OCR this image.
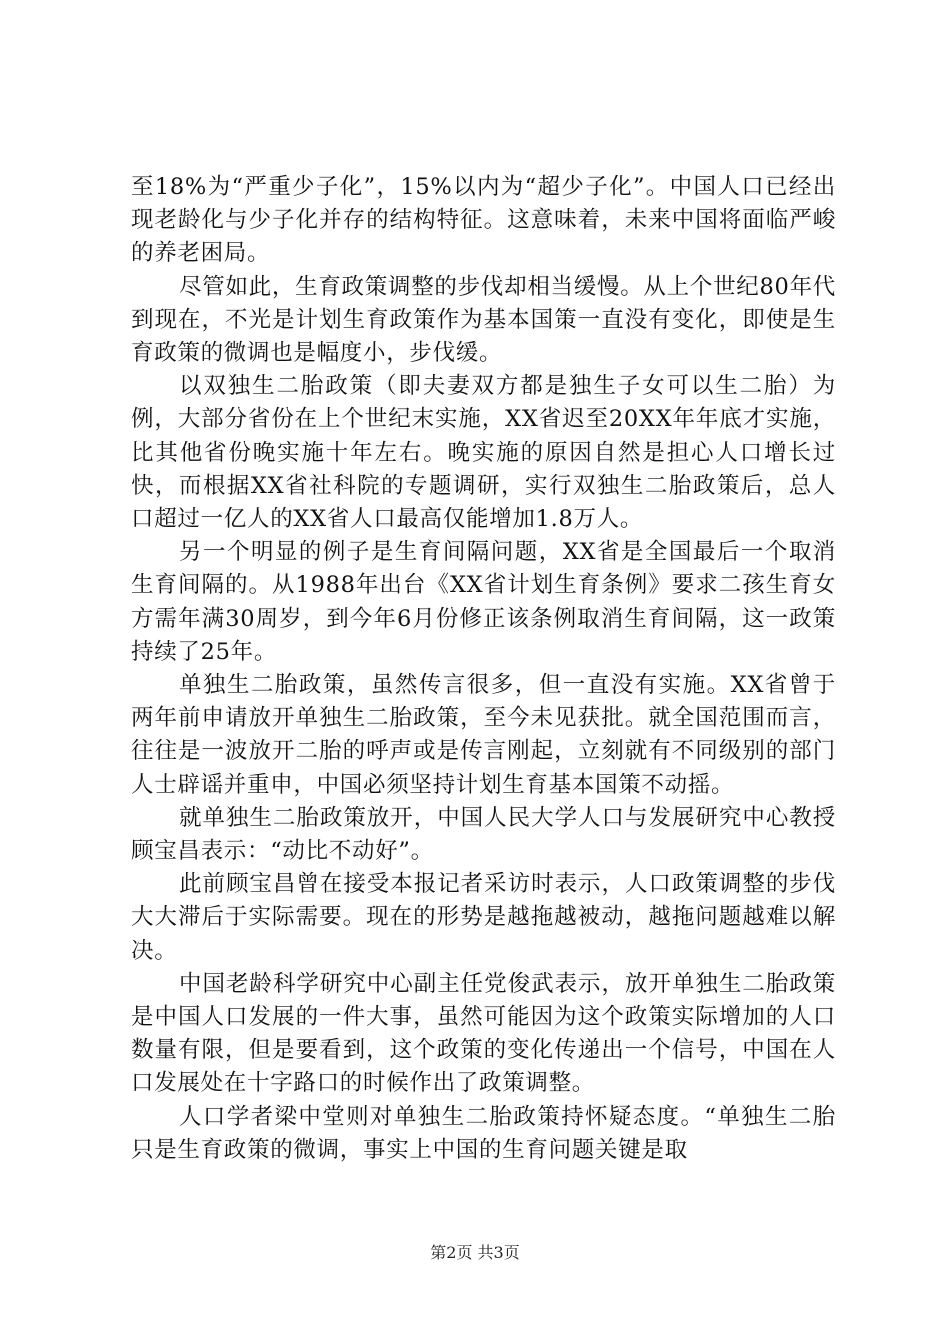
至18%为“严重少子化”，15%以内为“超少子化”。中国人口已经出现老龄化与少子化并存的结构特征。这意味着，未来中国将面临严峻的养老困局。

尽管如此，生育政策调整的步伐却相当缓慢。从上个世纪80年代到现在，不光是计划生育政策作为基本国策一直没有变化，即使是生育政策的微调也是幅度小，步伐缓。

以双独生二胎政策（即夫妻双方都是独生子女可以生二胎）为例，大部分省份在上个世纪末实施，XX省迟至20XX年年底才实施，比其他省份晚实施十年左右。晚实施的原因自然是担心人口增长过快，而根据XX省社科院的专题调研，实行双独生二胎政策后，总人口超过一亿人的XX省人口最高仅能增加1.8万人。

另一个明显的例子是生育间隔问题，XX省是全国最后一个取消生育间隔的。从1988年出台《XX省计划生育条例》要求二孩生育女方需年满30周岁，到今年6月份修正该条例取消生育间隔，这一政策持续了25年。

单独生二胎政策，虽然传言很多，但一直没有实施。XX省曾于两年前申请放开单独生二胎政策，至今未见获批。就全国范围而言，往往是一波放开二胎的呼声或是传言刚起，立刻就有不同级别的部门人士辟谣并重申，中国必须坚持计划生育基本国策不动摇。

就单独生二胎政策放开，中国人民大学人口与发展研究中心教授顾宝昌表示：“动比不动好”。

此前顾宝昌曾在接受本报记者采访时表示，人口政策调整的步伐大大滞后于实际需要。现在的形势是越拖越被动，越拖问题越难以解决。

中国老龄科学研究中心副主任党俊武表示，放开单独生二胎政策是中国人口发展的一件大事，虽然可能因为这个政策实际增加的人口数量有限，但是要看到，这个政策的变化传递出一个信号，中国在人口发展处在十字路口的时候作出了政策调整。

人口学者梁中堂则对单独生二胎政策持怀疑态度。“单独生二胎只是生育政策的微调，事实上中国的生育问题关键是取

第2页 共3页
